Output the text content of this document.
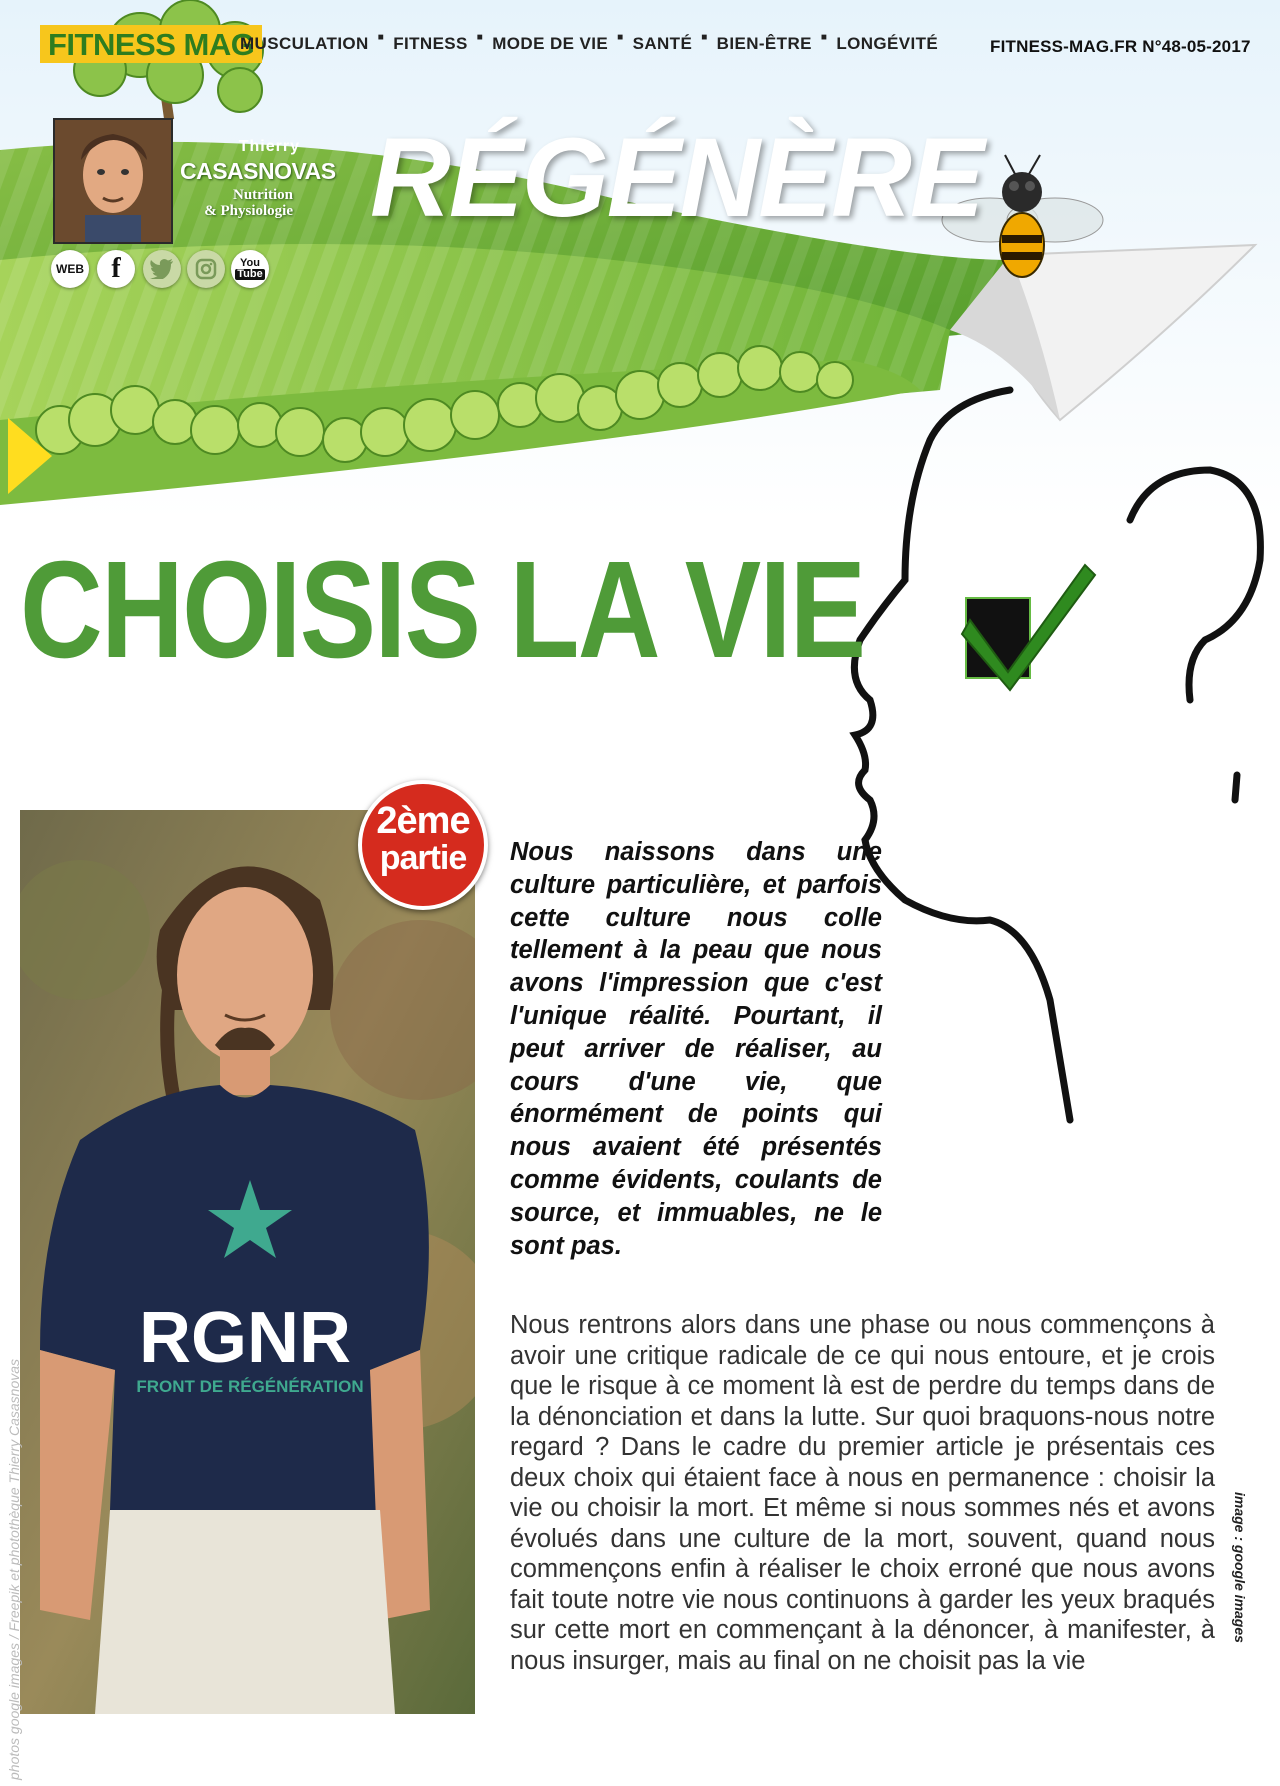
FITNESS MAG
MUSCULATION ■ FITNESS ■ MODE DE VIE ■ SANTÉ ■ BIEN-ÊTRE ■ LONGÉVITÉ	FITNESS-MAG.FR N°48-05-2017
Thierry
CASASNOVAS
Nutrition
& Physiologie
WEB f	You
Tube
RÉGÉNÈRE
CHOISIS LA VIE
RGNR
FRONT DE RÉGÉNÉRATION
2ème
partie	Nous naissons dans une culture particulière, et parfois cette culture nous colle tellement à la peau que nous avons l'impression que c'est l'unique réalité. Pourtant, il peut arriver de réaliser, au cours d'une vie, que énormément de points qui nous avaient été présentés comme évidents, coulants de source, et immuables, ne le sont pas.
Nous rentrons alors dans une phase ou nous commençons à avoir une critique radicale de ce qui nous entoure, et je crois que le risque à ce moment là est de perdre du temps dans de la dénonciation et dans la lutte. Sur quoi braquons-nous notre regard ? Dans le cadre du premier article je présentais ces deux choix qui étaient face à nous en permanence : choisir la vie ou choisir la mort. Et même si nous sommes nés et avons évolués dans une culture de la mort, souvent, quand nous commençons enfin à réaliser le choix erroné que nous avons fait toute notre vie nous continuons à garder les yeux braqués sur cette mort en commençant à la dénoncer, à manifester, à nous insurger, mais au final on ne choisit pas la vie
photos google images / Freepik et photothèque Thierry Casasnovas	image : google images
